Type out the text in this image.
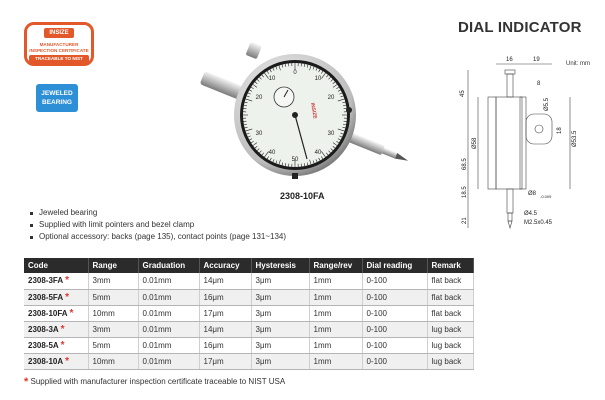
INSIZE
MANUFACTURER
INSPECTION CERTIFICATE
TRACEABLE TO NIST
JEWELED
BEARING
DIAL INDICATOR
0
10
20
30
40
50
40
30
20
10
INSIZE
2308-10FA
Unit: mm
16	19
8
45
Ø58
Ø5.5
Ø53.5
18
68.5
18.5	Ø8 -0.009
Ø4.5
21	M2.5x0.45
Jeweled bearing
Supplied with limit pointers and bezel clamp
Optional accessory: backs (page 135), contact points (page 131~134)
Code	Range	Graduation	Accuracy	Hysteresis	Range/rev	Dial reading	Remark
2308-3FA *	3mm	0.01mm	14μm	3μm	1mm	0-100	flat back
2308-5FA *	5mm	0.01mm	16μm	3μm	1mm	0-100	flat back
2308-10FA *	10mm	0.01mm	17μm	3μm	1mm	0-100	flat back
2308-3A *	3mm	0.01mm	14μm	3μm	1mm	0-100	lug back
2308-5A *	5mm	0.01mm	16μm	3μm	1mm	0-100	lug back
2308-10A *	10mm	0.01mm	17μm	3μm	1mm	0-100	lug back
* Supplied with manufacturer inspection certificate traceable to NIST USA
